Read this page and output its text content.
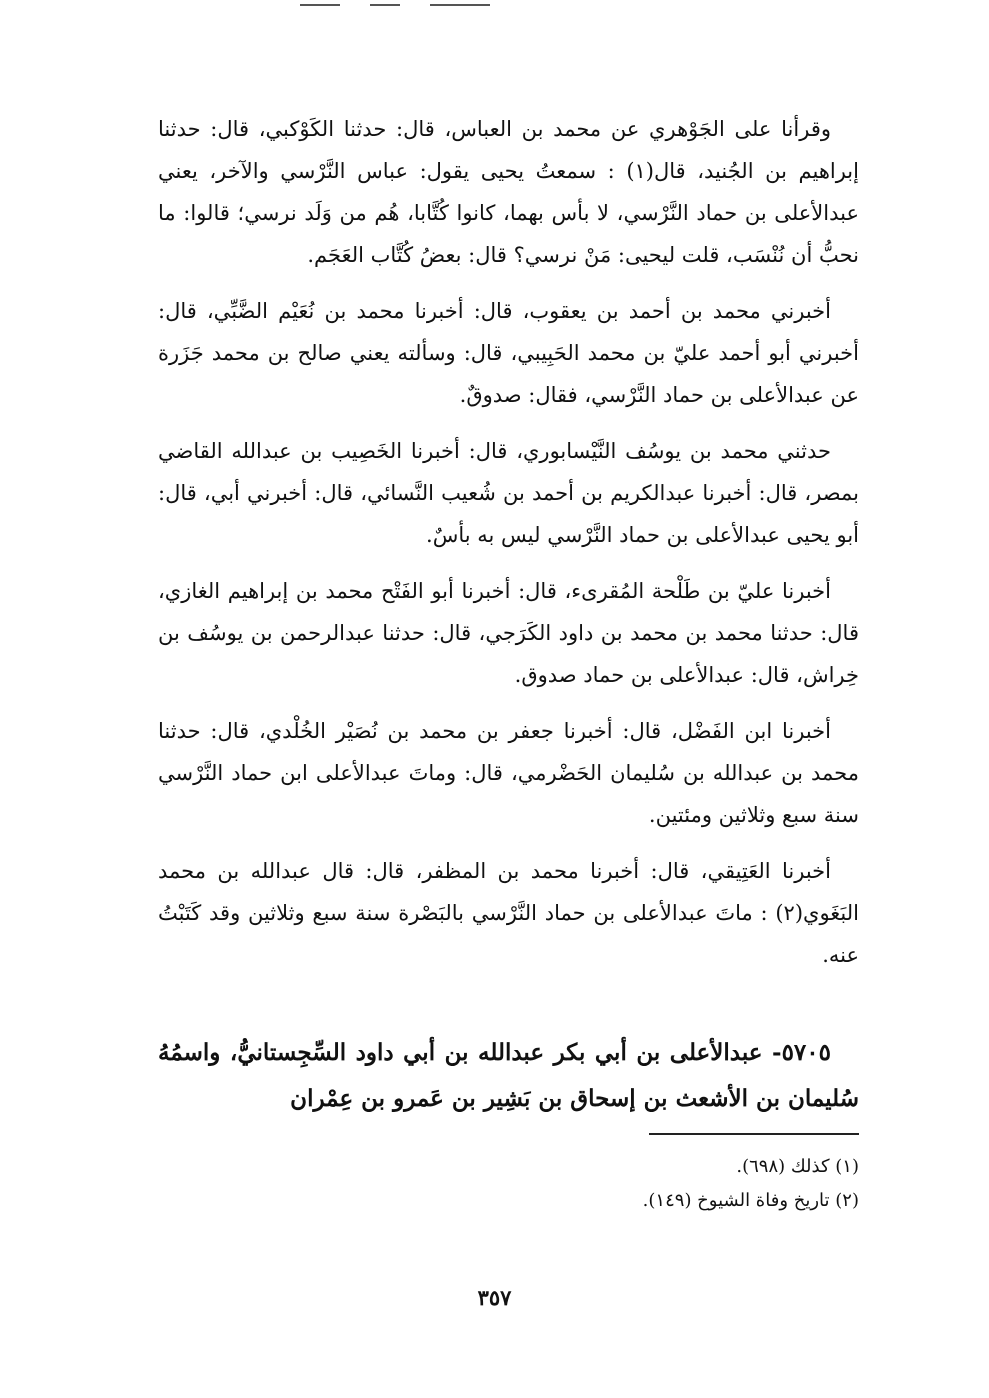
وقرأنا على الجَوْهري عن محمد بن العباس، قال: حدثنا الكَوْكبي، قال: حدثنا إبراهيم بن الجُنيد، قال(١) : سمعتُ يحيى يقول: عباس النَّرْسي والآخر، يعني عبدالأعلى بن حماد النَّرْسي، لا بأس بهما، كانوا كُتَّابا، هُم من وَلَد نرسي؛ قالوا: ما نحبُّ أن نُنْسَب، قلت ليحيى: مَنْ نرسي؟ قال: بعضُ كُتَّاب العَجَم.

أخبرني محمد بن أحمد بن يعقوب، قال: أخبرنا محمد بن نُعَيْم الضَّبِّي، قال: أخبرني أبو أحمد عليّ بن محمد الحَبِيبي، قال: وسألته يعني صالح بن محمد جَزَرة عن عبدالأعلى بن حماد النَّرْسي، فقال: صدوقٌ.

حدثني محمد بن يوسُف النَّيْسابوري، قال: أخبرنا الخَصِيب بن عبدالله القاضي بمصر، قال: أخبرنا عبدالكريم بن أحمد بن شُعيب النَّسائي، قال: أخبرني أبي، قال: أبو يحيى عبدالأعلى بن حماد النَّرْسي ليس به بأسٌ.

أخبرنا عليّ بن طَلْحة المُقرىء، قال: أخبرنا أبو الفَتْح محمد بن إبراهيم الغازي، قال: حدثنا محمد بن محمد بن داود الكَرَجي، قال: حدثنا عبدالرحمن بن يوسُف بن خِراش، قال: عبدالأعلى بن حماد صدوق.

أخبرنا ابن الفَضْل، قال: أخبرنا جعفر بن محمد بن نُصَيْر الخُلْدي، قال: حدثنا محمد بن عبدالله بن سُليمان الحَضْرمي، قال: وماتَ عبدالأعلى ابن حماد النَّرْسي سنة سبع وثلاثين ومئتين.

أخبرنا العَتِيقي، قال: أخبرنا محمد بن المظفر، قال: قال عبدالله بن محمد البَغَوي(٢) : ماتَ عبدالأعلى بن حماد النَّرْسي بالبَصْرة سنة سبع وثلاثين وقد كَتَبْتُ عنه.

٥٧٠٥- عبدالأعلى بن أبي بكر عبدالله بن أبي داود السِّجِستانيُّ، واسمُهُ سُليمان بن الأشعث بن إسحاق بن بَشِير بن عَمرو بن عِمْران

(١) كذلك (٦٩٨).

(٢) تاريخ وفاة الشيوخ (١٤٩).

٣٥٧
